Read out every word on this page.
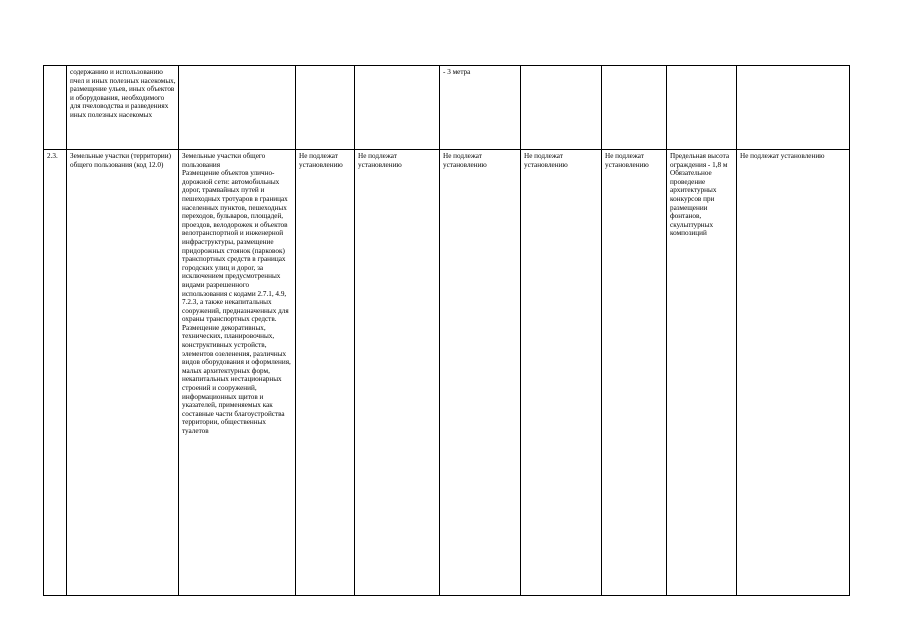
	содержанию и использованию пчел и иных полезных насекомых,
размещение ульев, иных объектов и оборудования, необходимого для пчеловодства и разведениях иных полезных насекомых				- 3 метра				
2.3.	Земельные участки (территории) общего пользования (код 12.0)	Земельные участки общего пользования
Размещение объектов улично-дорожной сети: автомобильных дорог, трамвайных путей и пешеходных тротуаров в границах населенных пунктов, пешеходных переходов, бульваров, площадей, проездов, велодорожек и объектов велотранспортной и инженерной инфраструктуры, размещение придорожных стоянок (парковок) транспортных средств в границах городских улиц и дорог, за исключением предусмотренных видами разрешенного использования с кодами 2.7.1, 4.9, 7.2.3, а также некапитальных сооружений, предназначенных для охраны транспортных средств.
Размещение декоративных, технических, планировочных, конструктивных устройств, элементов озеленения, различных видов оборудования и оформления, малых архитектурных форм, некапитальных нестационарных строений и сооружений, информационных щитов и указателей, применяемых как составные части благоустройства территории, общественных туалетов	Не подлежат установлению	Не подлежат установлению	Не подлежат установлению	Не подлежат установлению	Не подлежат установлению	Предельная высота ограждения - 1,8 м
Обязательное проведение архитектурных конкурсов при размещении фонтанов, скульптурных композиций	Не подлежат установлению
